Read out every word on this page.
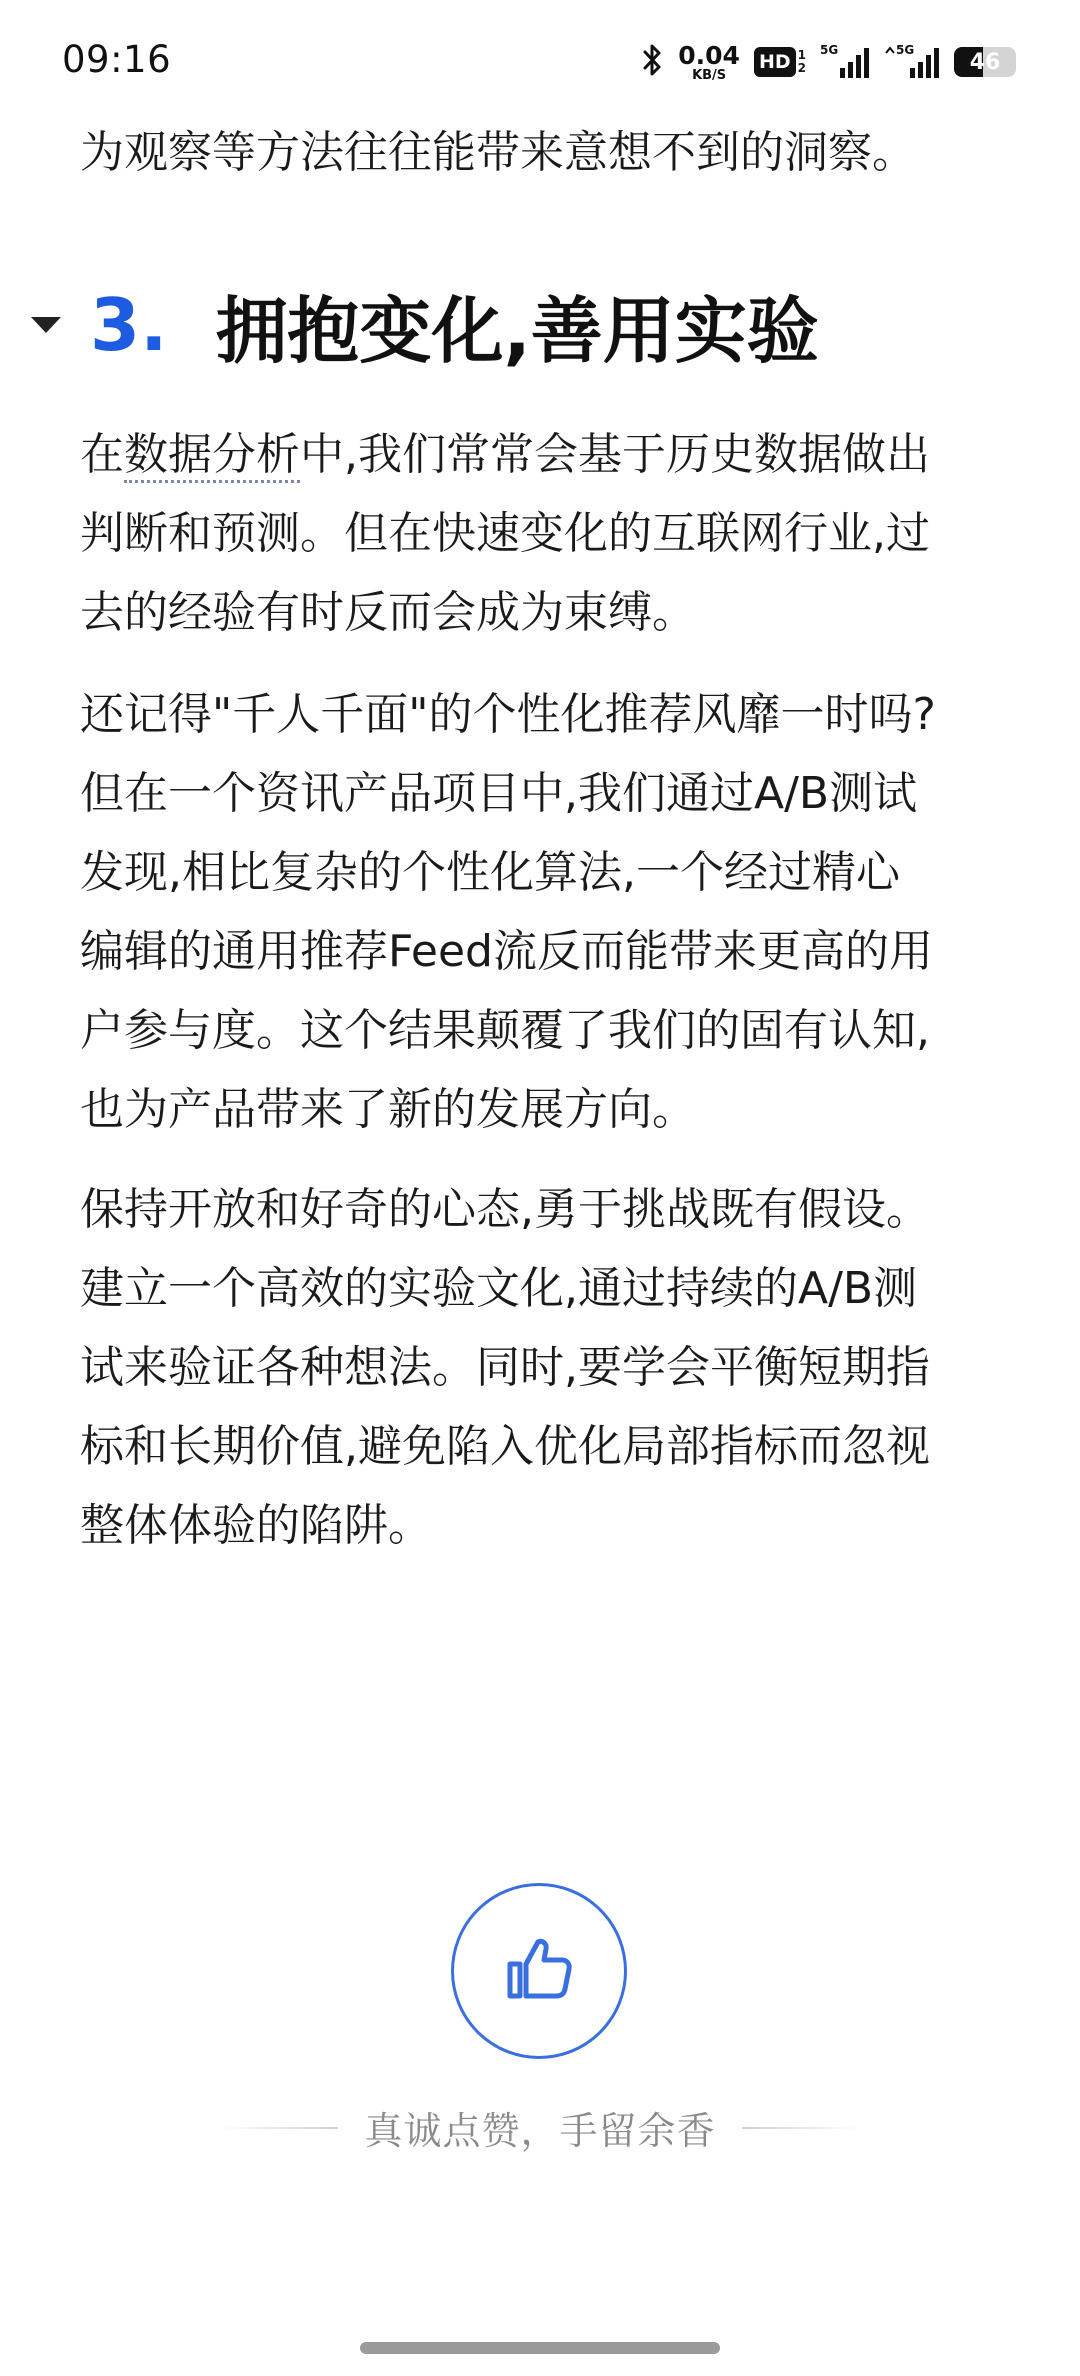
09:16	0.04
KB/S
HD 1
2
5G	5G	46

为观察等方法往往能带来意想不到的洞察。

3. 拥抱变化,善用实验

在数据分析中,我们常常会基于历史数据做出
判断和预测。但在快速变化的互联网行业,过
去的经验有时反而会成为束缚。

还记得"千人千面"的个性化推荐风靡一时吗?
但在一个资讯产品项目中,我们通过A/B测试
发现,相比复杂的个性化算法,一个经过精心
编辑的通用推荐Feed流反而能带来更高的用
户参与度。这个结果颠覆了我们的固有认知,
也为产品带来了新的发展方向。

保持开放和好奇的心态,勇于挑战既有假设。
建立一个高效的实验文化,通过持续的A/B测
试来验证各种想法。同时,要学会平衡短期指
标和长期价值,避免陷入优化局部指标而忽视
整体体验的陷阱。

真诚点赞，手留余香
